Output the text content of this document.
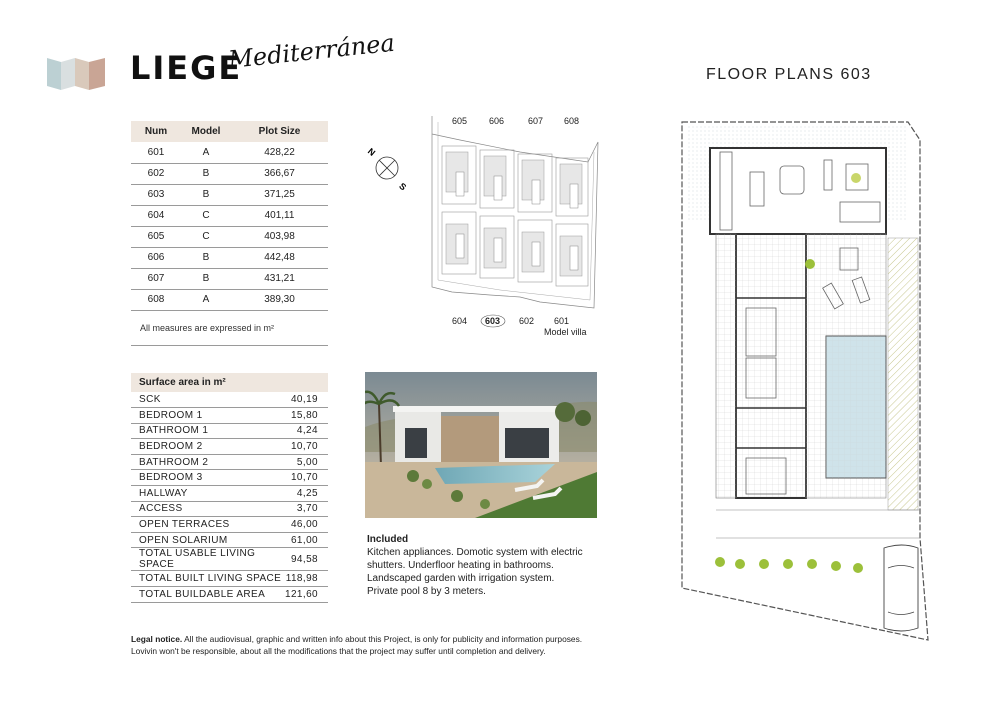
LIEGE
Mediterránea
FLOOR PLANS 603
Num	Model	Plot Size
601	A	428,22
602	B	366,67
603	B	371,25
604	C	401,11
605	C	403,98
606	B	442,48
607	B	431,21
608	A	389,30
All measures are expressed in m²
Surface area in m²	
SCK	40,19
BEDROOM 1	15,80
BATHROOM 1	4,24
BEDROOM 2	10,70
BATHROOM 2	5,00
BEDROOM 3	10,70
HALLWAY	4,25
ACCESS	3,70
OPEN TERRACES	46,00
OPEN SOLARIUM	61,00
TOTAL USABLE LIVING SPACE	94,58
TOTAL BUILT LIVING SPACE	118,98
TOTAL BUILDABLE AREA	121,60
N
S
605 606	607 608
604 603 602 601
Model villa
Included
Kitchen appliances. Domotic system with electric
shutters. Underfloor heating in bathrooms.
Landscaped garden with irrigation system.
Private pool 8 by 3 meters.
Legal notice. All the audiovisual, graphic and written info about this Project, is only for publicity and information purposes.
Lovivin won't be responsible, about all the modifications that the project may suffer until completion and delivery.
